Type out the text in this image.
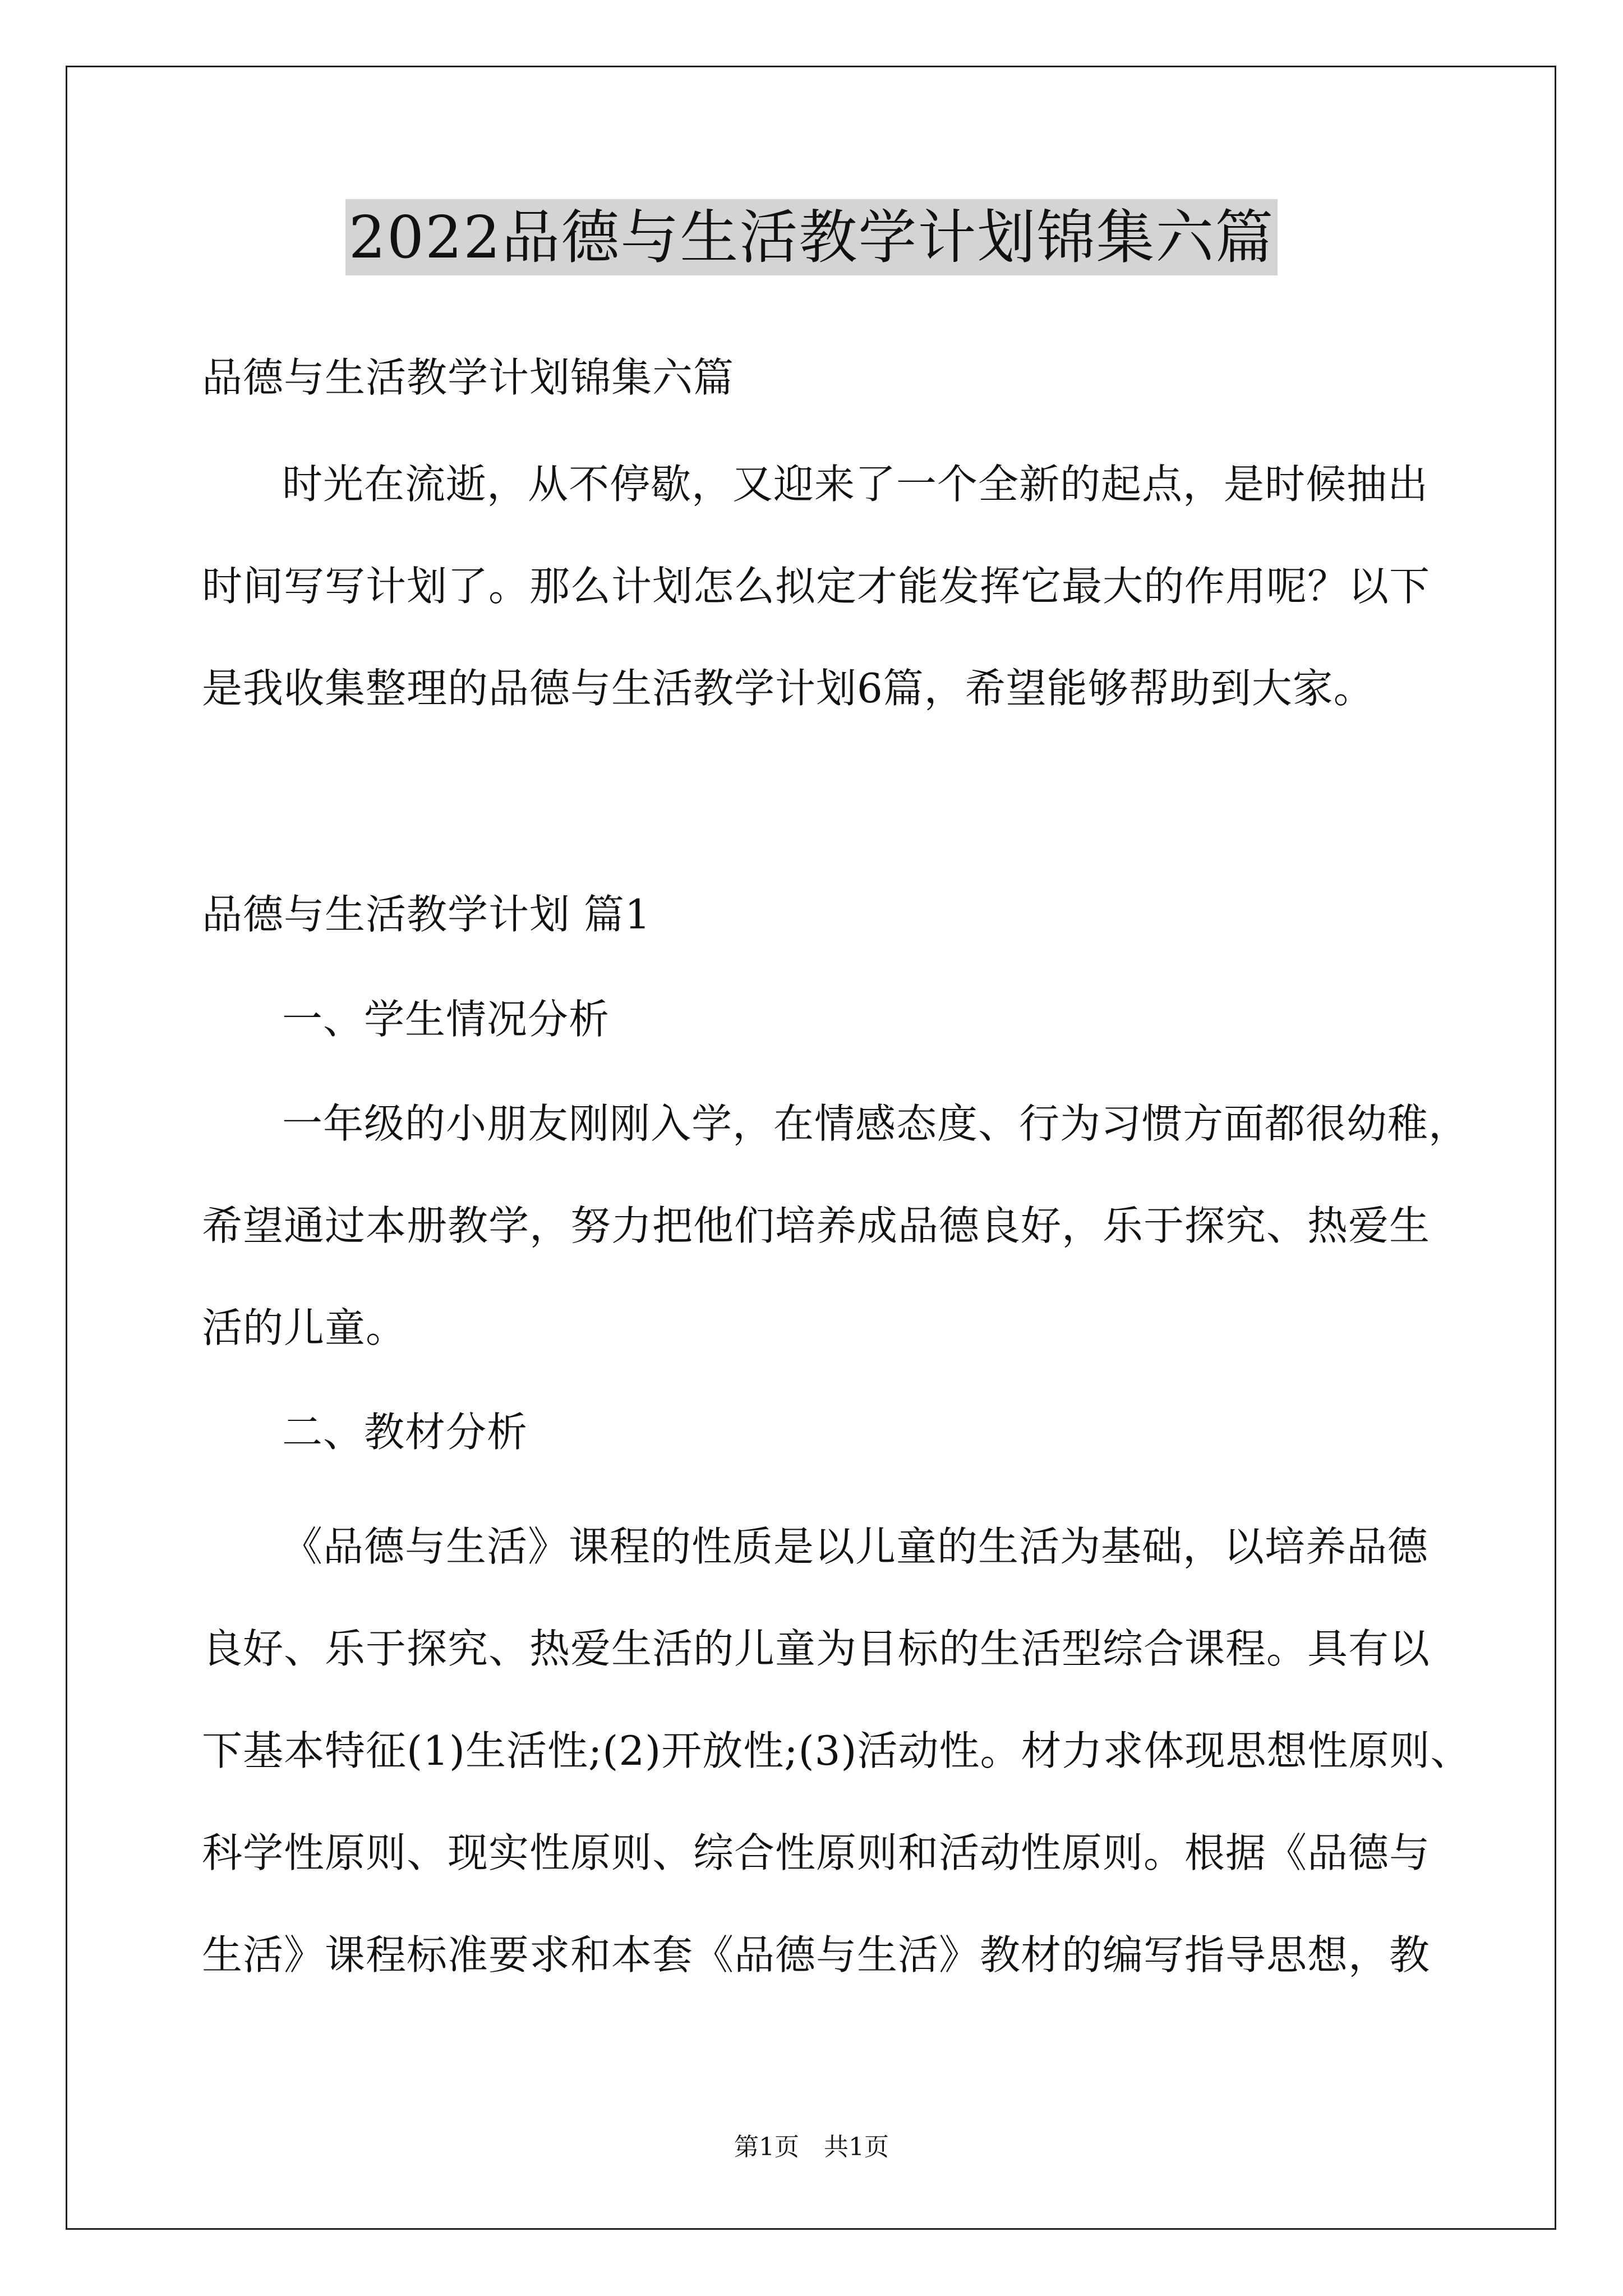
2022品德与生活教学计划锦集六篇
品德与生活教学计划锦集六篇
时光在流逝，从不停歇，又迎来了一个全新的起点，是时候抽出
时间写写计划了。那么计划怎么拟定才能发挥它最大的作用呢？以下
是我收集整理的品德与生活教学计划6篇，希望能够帮助到大家。
品德与生活教学计划 篇1
一、学生情况分析
一年级的小朋友刚刚入学，在情感态度、行为习惯方面都很幼稚，
希望通过本册教学，努力把他们培养成品德良好，乐于探究、热爱生
活的儿童。
二、教材分析
《品德与生活》课程的性质是以儿童的生活为基础，以培养品德
良好、乐于探究、热爱生活的儿童为目标的生活型综合课程。具有以
下基本特征(1)生活性;(2)开放性;(3)活动性。材力求体现思想性原则、
科学性原则、现实性原则、综合性原则和活动性原则。根据《品德与
生活》课程标准要求和本套《品德与生活》教材的编写指导思想，教
第1页　共1页
